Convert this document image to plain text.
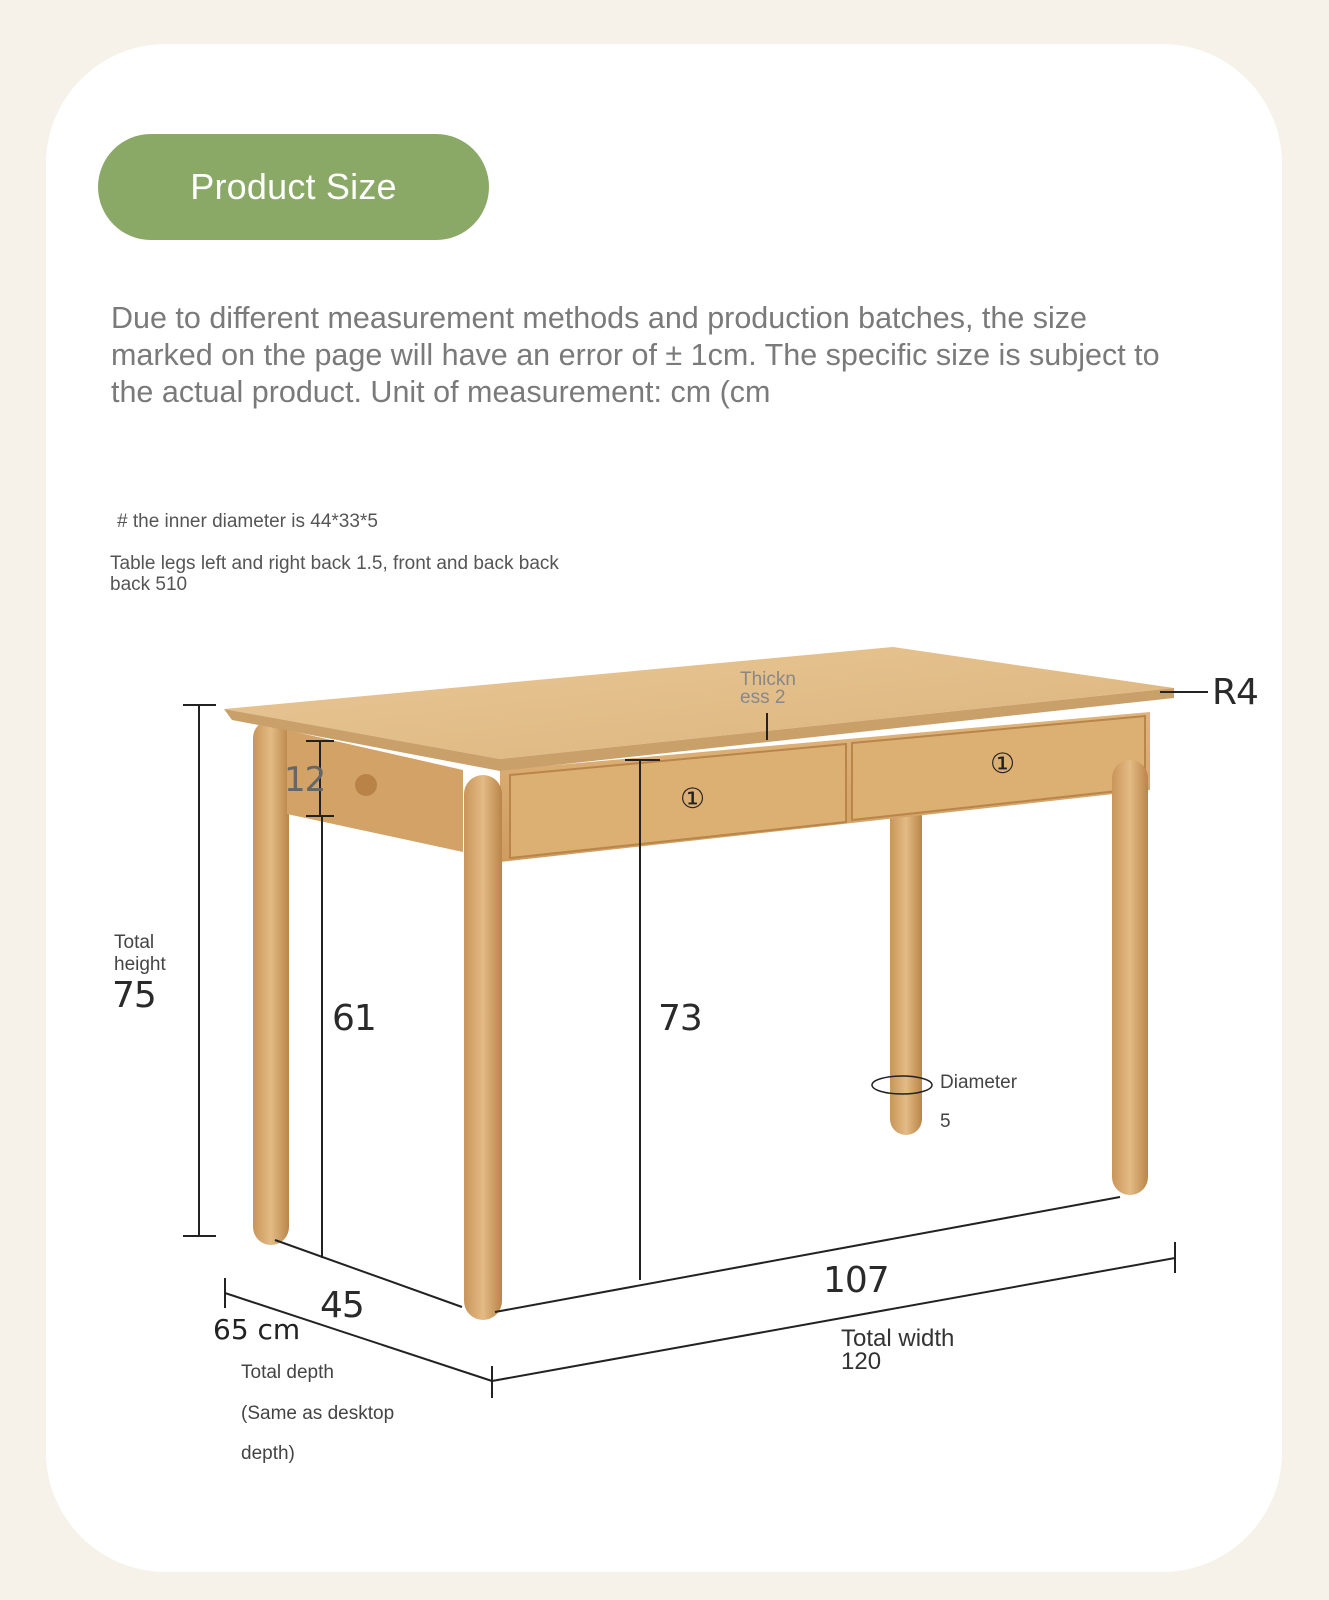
Product Size
Due to different measurement methods and production batches, the size marked on the page will have an error of ± 1cm. The specific size is subject to the actual product. Unit of measurement: cm (cm
# the inner diameter is 44*33*5
Table legs left and right back 1.5, front and back back
back 510
①
①
Thickn
ess 2	R4
12
Total
height
75
61	73
Diameter
5
107
45
65 cm
Total depth
(Same as desktop
depth)
Total width
120
